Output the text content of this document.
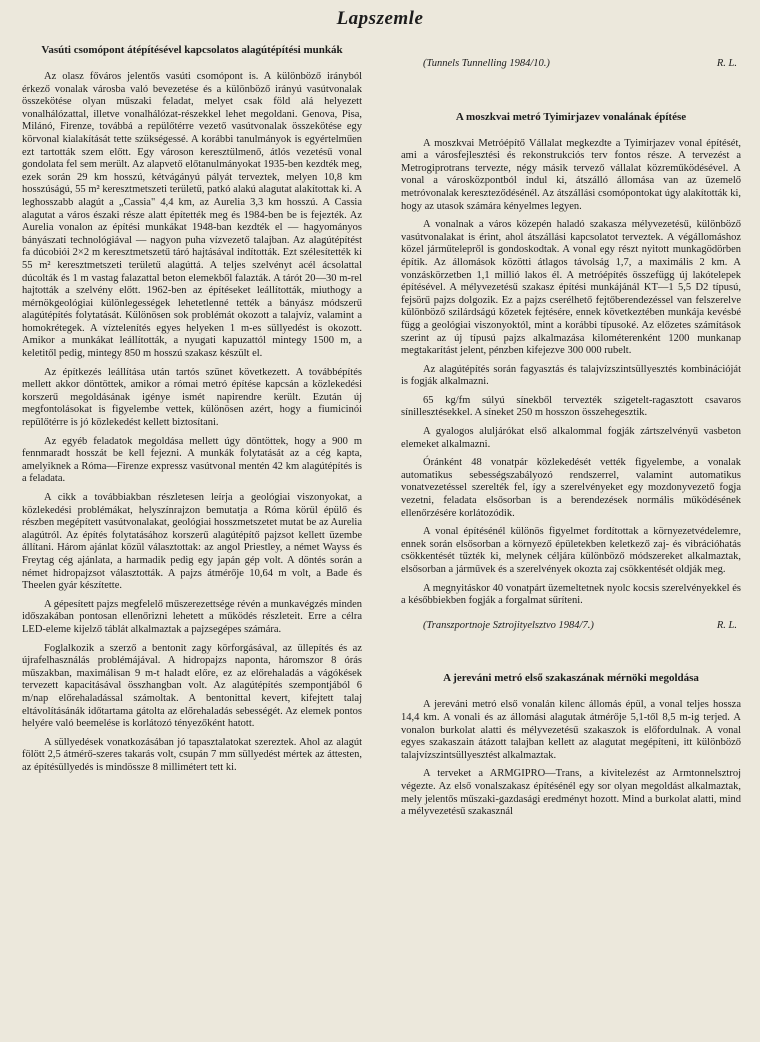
Lapszemle
Vasúti csomópont átépítésével kapcsolatos alagútépítési munkák

Az olasz főváros jelentős vasúti csomópont is. A különböző irányból érkező vonalak városba való bevezetése és a különböző irányú vasútvonalak összekötése olyan műszaki feladat, melyet csak föld alá helyezett vonalhálózattal, illetve vonalhálózat-részekkel lehet megoldani. Genova, Pisa, Milánó, Firenze, továbbá a repülőtérre vezető vasútvonalak összekötése egy körvonal kialakítását tette szükségessé. A korábbi tanulmányok is egyértelműen ezt tartották szem előtt. Egy városon keresztülmenő, átlós vezetésű vonal gondolata fel sem merült. Az alapvető előtanulmányokat 1935-ben kezdték meg, ezek során 29 km hosszú, kétvágányú pályát terveztek, melyen 10,8 km hosszúságú, 55 m² keresztmetszeti területű, patkó alakú alagutat alakítottak ki. A leghosszabb alagút a „Cassia" 4,4 km, az Aurelia 3,3 km hosszú. A Cassia alagutat a város északi része alatt építették meg és 1984-ben be is fejezték. Az Aurelia vonalon az építési munkákat 1948-ban kezdték el — hagyományos bányászati technológiával — nagyon puha vízvezető talajban. Az alagútépítést fa dúcobiói 2×2 m keresztmetszetű táró hajtásával indították. Ezt szélesítették ki 55 m² keresztmetszeti területű alagúttá. A teljes szelvényt acél ácsolattal dúcolták és 1 m vastag falazattal beton elemekből falazták. A tárót 20—30 m-rel hajtották a szelvény előtt. 1962-ben az építéseket leállították, miuthogy a mérnökgeológiai különlegességek lehetetlenné tették a bányász módszerű alagútépítés folytatását. Különösen sok problémát okozott a talajvíz, valamint a homokrétegek. A víztelenítés egyes helyeken 1 m-es süllyedést is okozott. Amikor a munkákat leállították, a nyugati kapuzattól mintegy 1500 m, a keletitől pedig, mintegy 850 m hosszú szakasz készült el.

Az építkezés leállítása után tartós szünet következett. A továbbépítés mellett akkor döntöttek, amikor a római metró építése kapcsán a közlekedési korszerű megoldásának igénye ismét napirendre került. Ezután új megfontolásokat is figyelembe vettek, különösen azért, hogy a fiumicinói repülőtérre is jó közlekedést kellett biztosítani.

Az egyéb feladatok megoldása mellett úgy döntöttek, hogy a 900 m fennmaradt hosszát be kell fejezni. A munkák folytatását az a cég kapta, amelyiknek a Róma—Firenze expressz vasútvonal mentén 42 km alagútépítés is a feladata.

A cikk a továbbiakban részletesen leírja a geológiai viszonyokat, a közlekedési problémákat, helyszínrajzon bemutatja a Róma körül épülő és részben megépített vasútvonalakat, geológiai hosszmetszetet mutat be az Aurelia alagútról. Az építés folytatásához korszerű alagútépítő pajzsot kellett üzembe állítani. Három ajánlat közül választottak: az angol Priestley, a német Wayss és Freytag cég ajánlata, a harmadik pedig egy japán gép volt. A döntés során a német hidropajzsot választották. A pajzs átmérője 10,64 m volt, a Bade és Theelen gyár készítette.

A gépesített pajzs megfelelő műszerezettsége révén a munkavégzés minden időszakában pontosan ellenőrizni lehetett a működés részleteit. Erre a célra LED-eleme kijelző táblát alkalmaztak a pajzsegépes számára.

Foglalkozik a szerző a bentonit zagy körforgásával, az üllepítés és az újrafelhasználás problémájával. A hidropajzs naponta, háromszor 8 órás műszakban, maximálisan 9 m-t haladt előre, ez az előrehaladás a vágókések tervezett kapacitásával összhangban volt. Az alagútépítés szempontjából 6 m/nap előrehaladással számoltak. A bentonittal kevert, kifejtett talaj eltávolításánák időtartama gátolta az előrehaladás sebességét. Az elemek pontos helyére való beemelése is korlátozó tényezőként hatott.

A süllyedések vonatkozásában jó tapasztalatokat szereztek. Ahol az alagút fölött 2,5 átmérő-szeres takarás volt, csupán 7 mm süllyedést mértek az áttesten, az építésüllyedés is mindössze 8 millimétert tett ki.

(Tunnels Tunnelling 1984/10.)	R. L.
A moszkvai metró Tyimirjazev vonalának építése

A moszkvai Metróépítő Vállalat megkezdte a Tyimirjazev vonal építését, ami a városfejlesztési és rekonstrukciós terv fontos része. A tervezést a Metrogiprotrans tervezte, négy másik tervező vállalat közreműködésével. A vonal a városközpontból indul ki, átszálló állomása van az üzemelő metróvonalak kereszteződésénél. Az átszállási csomópontokat úgy alakították ki, hogy az utasok számára kényelmes legyen.

A vonalnak a város közepén haladó szakasza mélyvezetésű, különböző vasútvonalakat is érint, ahol átszállási kapcsolatot terveztek. A végállomáshoz közel járműtelepről is gondoskodtak. A vonal egy részt nyitott munkagödörben építik. Az állomások közötti átlagos távolság 1,7, a maximális 2 km. A vonzáskörzetben 1,1 millió lakos él. A metróépítés összefügg új lakótelepek építésével. A mélyvezetésű szakasz építési munkájánál KT—1 5,5 D2 típusú, fejsörű pajzs dolgozik. Ez a pajzs cserélhető fejtőberendezéssel van felszerelve különböző szilárdságú kőzetek fejtésére, ennek következtében munkája kevésbé függ a geológiai viszonyoktól, mint a korábbi típusoké. Az előzetes számítások szerint az új típusú pajzs alkalmazása kilométerenként 1200 munkanap megtakarítást jelent, pénzben kifejezve 300 000 rubelt.

Az alagútépítés során fagyasztás és talajvízszintsüllyesztés kombinációját is fogják alkalmazni.

65 kg/fm súlyú sínekből tervezték szigetelt-ragasztott csavaros sínillesztésekkel. A síneket 250 m hosszon összehegesztik.

A gyalogos aluljárókat első alkalommal fogják zártszelvényű vasbeton elemeket alkalmazni.

Óránként 48 vonatpár közlekedését vették figyelembe, a vonalak automatikus sebességszabályozó rendszerrel, valamint automatikus vonatvezetéssel szerelték fel, így a szerelvényeket egy mozdonyvezető fogja vezetni, feladata elsősorban is a berendezések normális működésének ellenőrzésére korlátozódik.

A vonal építésénél különös figyelmet fordítottak a környezetvédelemre, ennek során elsősorban a környező épületekben keletkező zaj- és vibrációhatás csökkentését tűzték ki, melynek céljára különböző módszereket alkalmaztak, elsősorban a járművek és a szerelvények okozta zaj csökkentését oldják meg.

A megnyitáskor 40 vonatpárt üzemeltetnek nyolc kocsis szerelvényekkel és a későbbiekben fogják a forgalmat sűríteni.

(Transzportnoje Sztrojityelsztvo 1984/7.)	R. L.
A jereváni metró első szakaszának mérnöki megoldása

A jereváni metró első vonalán kilenc állomás épül, a vonal teljes hossza 14,4 km. A vonali és az állomási alagutak átmérője 5,1-től 8,5 m-ig terjed. A vonalon burkolat alatti és mélyvezetésű szakaszok is előfordulnak. A vonal egyes szakaszain átázott talajban kellett az alagutat megépíteni, itt különböző talajvízszintsüllyesztést alkalmaztak.

A terveket a ARMGIPRO—Trans, a kivitelezést az Armtonnelsztroj végezte. Az első vonalszakasz építésénél egy sor olyan megoldást alkalmaztak, mely jelentős műszaki-gazdasági eredményt hozott. Mind a burkolat alatti, mind a mélyvezetésű szakasznál
